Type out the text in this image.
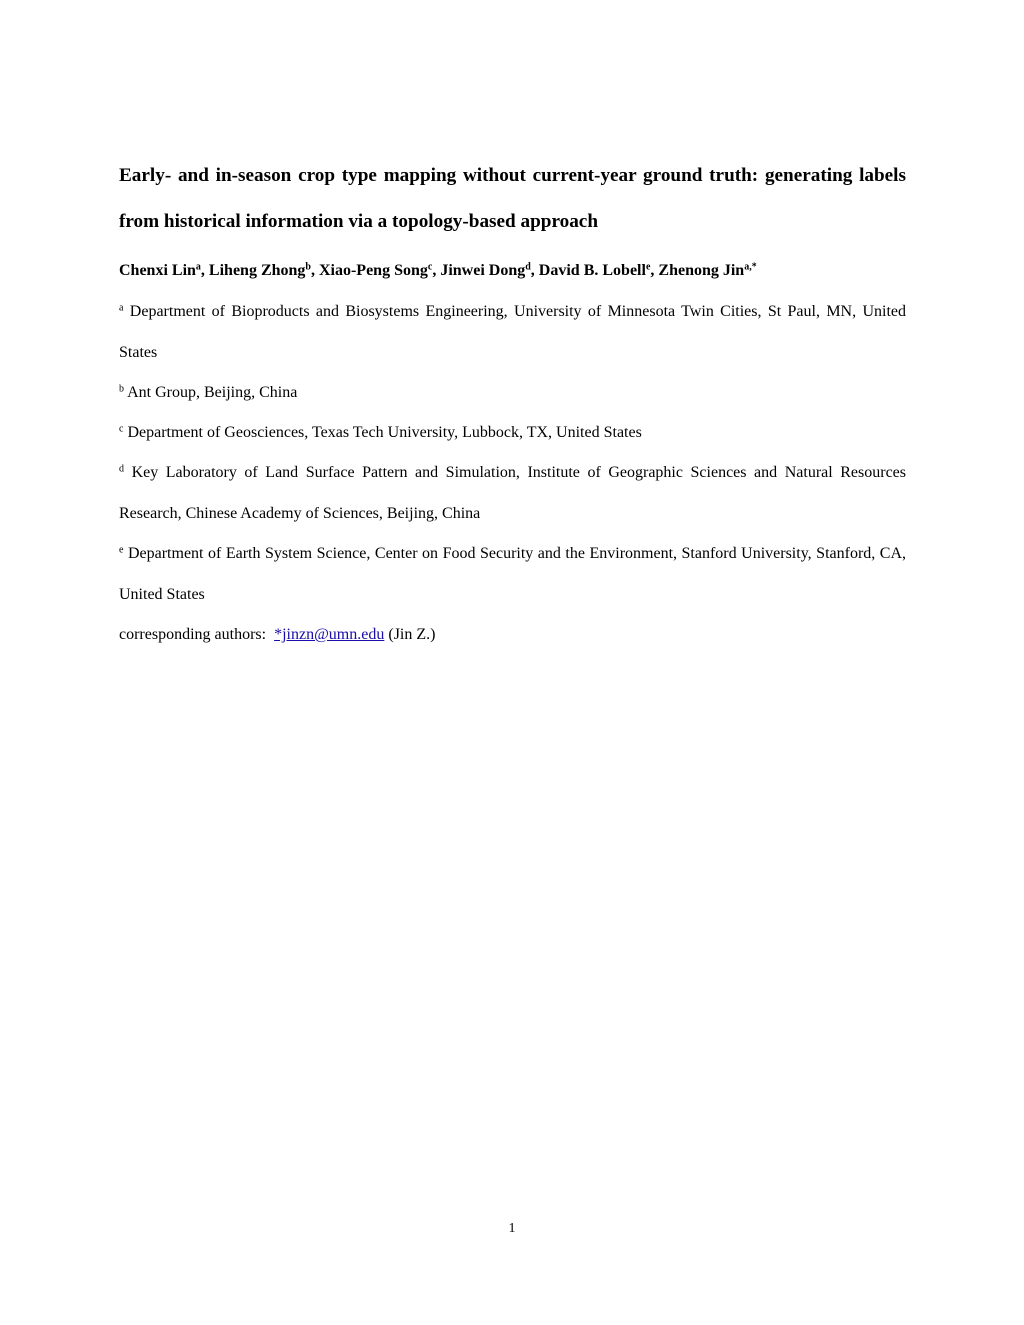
Early- and in-season crop type mapping without current-year ground truth: generating labels from historical information via a topology-based approach

Chenxi Lin$^a$, Liheng Zhong$^b$, Xiao-Peng Song$^c$, Jinwei Dong$^d$, David B. Lobell$^e$, Zhenong Jin$^{a,*}$

$^a$ Department of Bioproducts and Biosystems Engineering, University of Minnesota Twin Cities, St Paul, MN, United States

$^b$ Ant Group, Beijing, China

$^c$ Department of Geosciences, Texas Tech University, Lubbock, TX, United States

$^d$ Key Laboratory of Land Surface Pattern and Simulation, Institute of Geographic Sciences and Natural Resources Research, Chinese Academy of Sciences, Beijing, China

$^e$ Department of Earth System Science, Center on Food Security and the Environment, Stanford University, Stanford, CA, United States

corresponding authors: *jinzn@umn.edu (Jin Z.)

1
